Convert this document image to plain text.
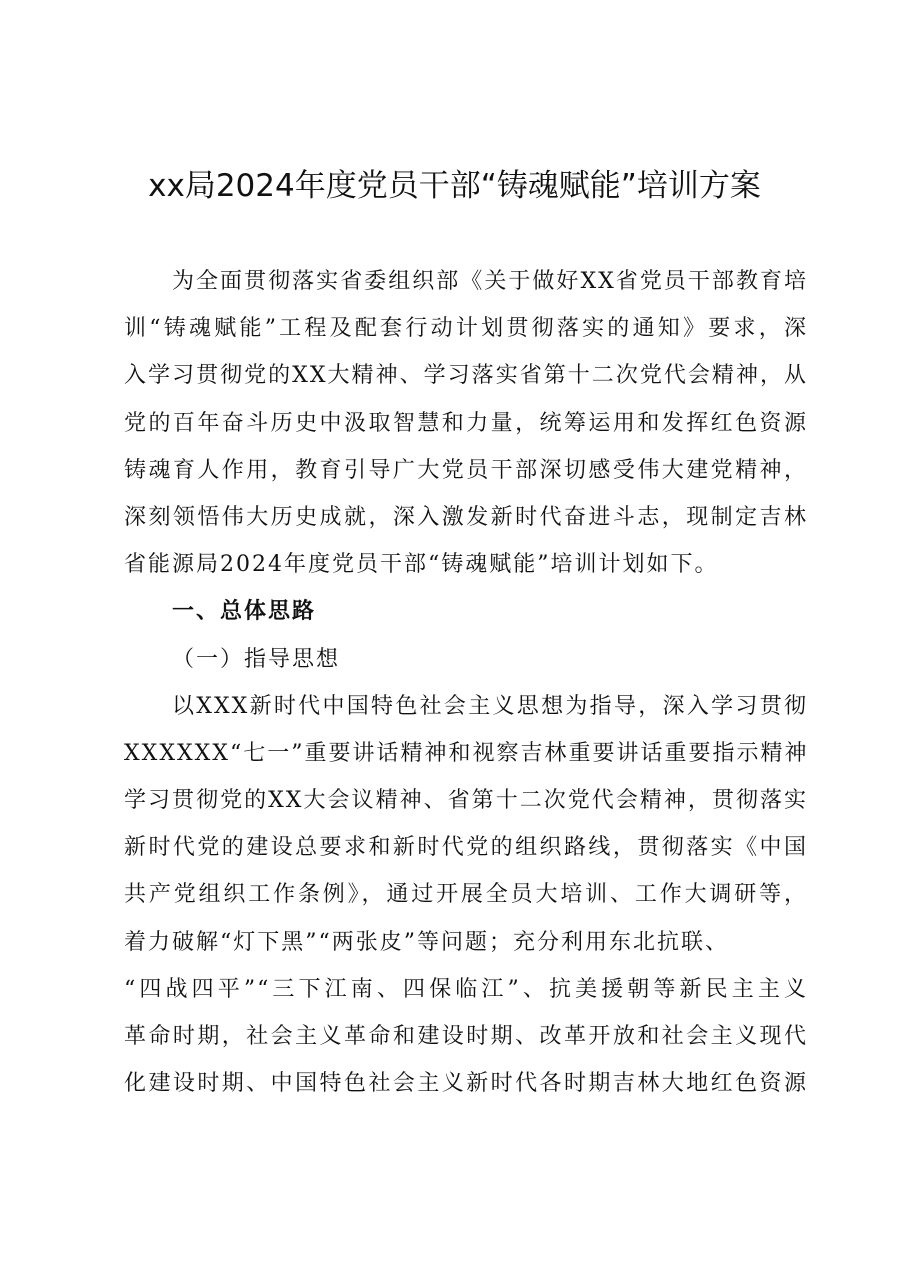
xx局2024年度党员干部“铸魂赋能”培训方案
为全面贯彻落实省委组织部《关于做好XX省党员干部教育培
训“铸魂赋能”工程及配套行动计划贯彻落实的通知》要求，深
入学习贯彻党的XX大精神、学习落实省第十二次党代会精神，从
党的百年奋斗历史中汲取智慧和力量，统筹运用和发挥红色资源
铸魂育人作用，教育引导广大党员干部深切感受伟大建党精神，
深刻领悟伟大历史成就，深入激发新时代奋进斗志，现制定吉林
省能源局2024年度党员干部“铸魂赋能”培训计划如下。
一、总体思路
（一）指导思想
以XXX新时代中国特色社会主义思想为指导，深入学习贯彻
XXXXXX“七一”重要讲话精神和视察吉林重要讲话重要指示精神
学习贯彻党的XX大会议精神、省第十二次党代会精神，贯彻落实
新时代党的建设总要求和新时代党的组织路线，贯彻落实《中国
共产党组织工作条例》，通过开展全员大培训、工作大调研等，
着力破解“灯下黑”“两张皮”等问题；充分利用东北抗联、
“四战四平”“三下江南、四保临江”、抗美援朝等新民主主义
革命时期，社会主义革命和建设时期、改革开放和社会主义现代
化建设时期、中国特色社会主义新时代各时期吉林大地红色资源
